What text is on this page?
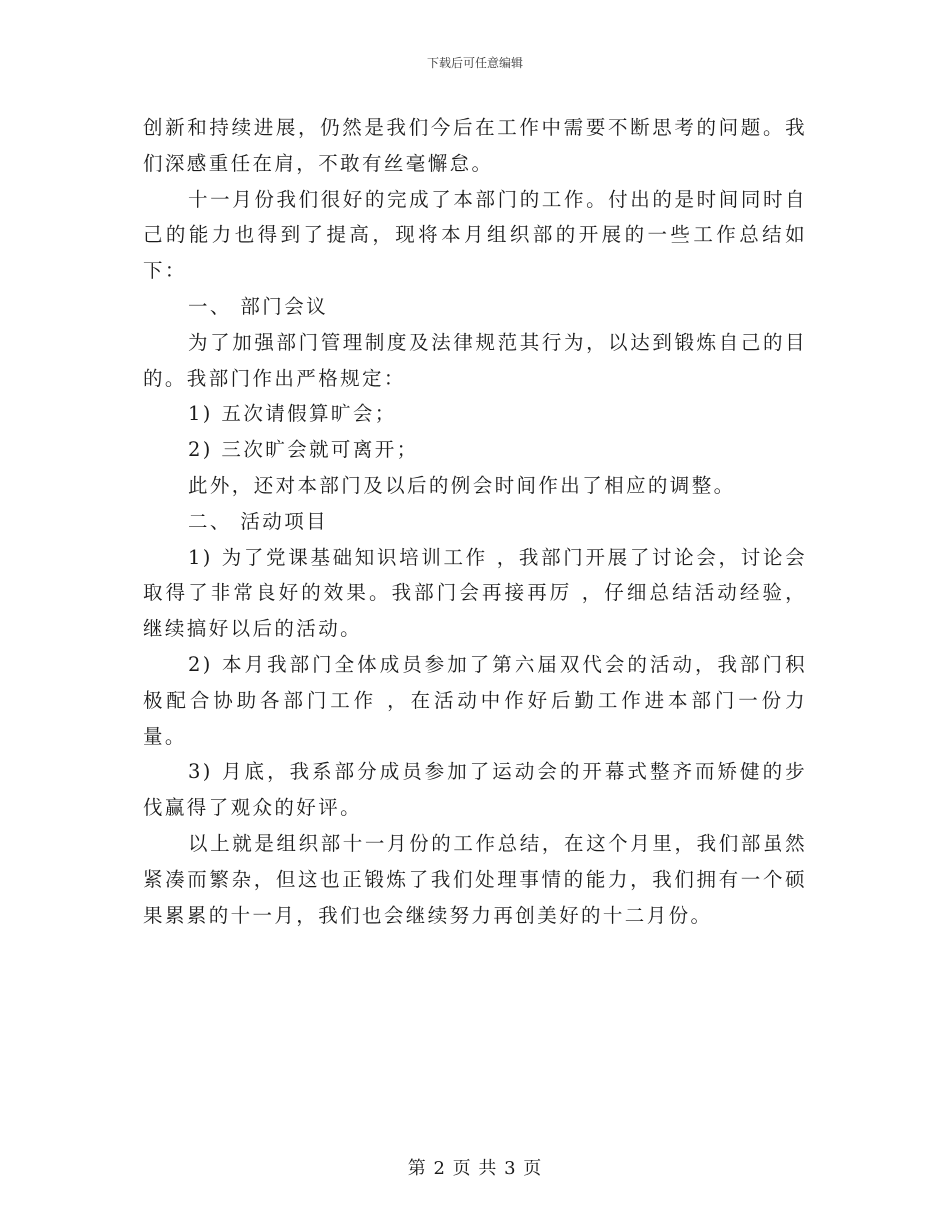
下载后可任意编辑

创新和持续进展，仍然是我们今后在工作中需要不断思考的问题。我们深感重任在肩，不敢有丝毫懈怠。

十一月份我们很好的完成了本部门的工作。付出的是时间同时自己的能力也得到了提高，现将本月组织部的开展的一些工作总结如下：

一、 部门会议

为了加强部门管理制度及法律规范其行为，以达到锻炼自己的目的。我部门作出严格规定：

1) 五次请假算旷会；

2) 三次旷会就可离开；

此外，还对本部门及以后的例会时间作出了相应的调整。

二、 活动项目

1) 为了党课基础知识培训工作 ，我部门开展了讨论会，讨论会取得了非常良好的效果。我部门会再接再厉 ，仔细总结活动经验，继续搞好以后的活动。

2) 本月我部门全体成员参加了第六届双代会的活动，我部门积极配合协助各部门工作 ，在活动中作好后勤工作进本部门一份力量。

3) 月底，我系部分成员参加了运动会的开幕式整齐而矫健的步伐赢得了观众的好评。

以上就是组织部十一月份的工作总结，在这个月里，我们部虽然紧凑而繁杂，但这也正锻炼了我们处理事情的能力，我们拥有一个硕果累累的十一月，我们也会继续努力再创美好的十二月份。

第 2 页 共 3 页
